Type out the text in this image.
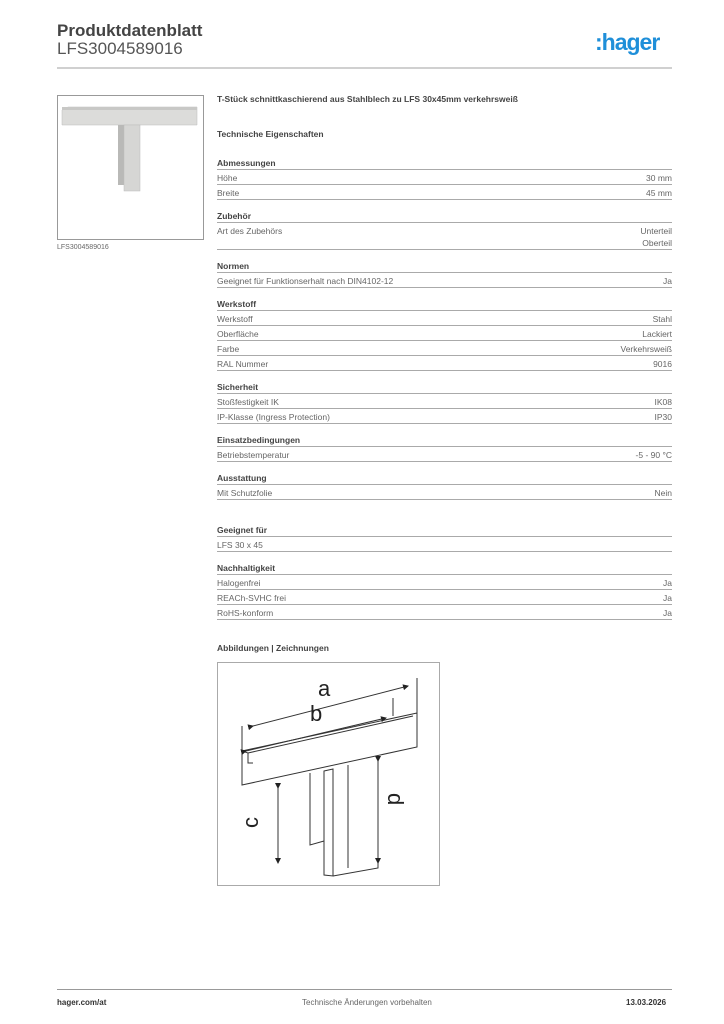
Produktdatenblatt
LFS3004589016	:hager
LFS3004589016
T-Stück schnittkaschierend aus Stahlblech zu LFS 30x45mm verkehrsweiß
Technische Eigenschaften
Abmessungen
Höhe	30 mm
Breite	45 mm
Zubehör
Art des Zubehörs	Unterteil
Oberteil
Normen
Geeignet für Funktionserhalt nach DIN4102-12	Ja
Werkstoff
Werkstoff	Stahl
Oberfläche	Lackiert
Farbe	Verkehrsweiß
RAL Nummer	9016
Sicherheit
Stoßfestigkeit IK	IK08
IP-Klasse (Ingress Protection)	IP30
Einsatzbedingungen
Betriebstemperatur	-5 - 90 °C
Ausstattung
Mit Schutzfolie	Nein
Geeignet für
LFS 30 x 45
Nachhaltigkeit
Halogenfrei	Ja
REACh-SVHC frei	Ja
RoHS-konform	Ja
Abbildungen | Zeichnungen
a
b
c
d
hager.com/at	Technische Änderungen vorbehalten	13.03.2026
